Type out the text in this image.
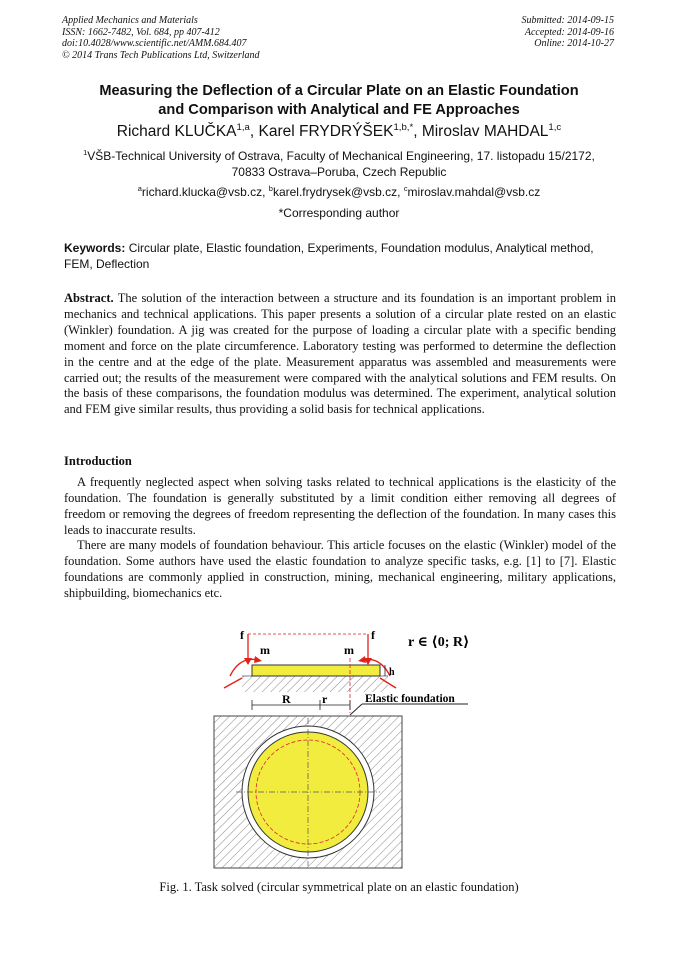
Applied Mechanics and Materials
ISSN: 1662-7482, Vol. 684, pp 407-412
doi:10.4028/www.scientific.net/AMM.684.407
© 2014 Trans Tech Publications Ltd, Switzerland
Submitted: 2014-09-15
Accepted: 2014-09-16
Online: 2014-10-27
Measuring the Deflection of a Circular Plate on an Elastic Foundation
and Comparison with Analytical and FE Approaches
Richard KLUČKA$^{1,a}$, Karel $FRYDRÝŠEK^{1,b,*}$, Miroslav MAHDAL$^{1,c}$
$^1$VŠB-Technical University of Ostrava, Faculty of Mechanical Engineering, 17. listopadu 15/2172,
70833 Ostrava–Poruba, Czech Republic
$^a$richard.klucka@vsb.cz, $^b$karel.frydrysek@vsb.cz, $^c$miroslav.mahdal@vsb.cz
*Corresponding author
Keywords: Circular plate, Elastic foundation, Experiments, Foundation modulus, Analytical method, FEM, Deflection
Abstract. The solution of the interaction between a structure and its foundation is an important problem in mechanics and technical applications. This paper presents a solution of a circular plate rested on an elastic (Winkler) foundation. A jig was created for the purpose of loading a circular plate with a specific bending moment and force on the plate circumference. Laboratory testing was performed to determine the deflection in the centre and at the edge of the plate. Measurement apparatus was assembled and measurements were carried out; the results of the measurement were compared with the analytical solutions and FEM results. On the basis of these comparisons, the foundation modulus was determined. The experiment, analytical solution and FEM give similar results, thus providing a solid basis for technical applications.
Introduction
A frequently neglected aspect when solving tasks related to technical applications is the elasticity of the foundation. The foundation is generally substituted by a limit condition either removing all degrees of freedom or removing the degrees of freedom representing the deflection of the foundation. In many cases this leads to inaccurate results.
There are many models of foundation behaviour. This article focuses on the elastic (Winkler) model of the foundation. Some authors have used the elastic foundation to analyze specific tasks, e.g. [1] to [7]. Elastic foundations are commonly applied in construction, mining, mechanical engineering, military applications, shipbuilding, biomechanics etc.
f	f
m	m
h
R	r
r ∈ ⟨0; R⟩
Elastic foundation
Fig. 1. Task solved (circular symmetrical plate on an elastic foundation)
